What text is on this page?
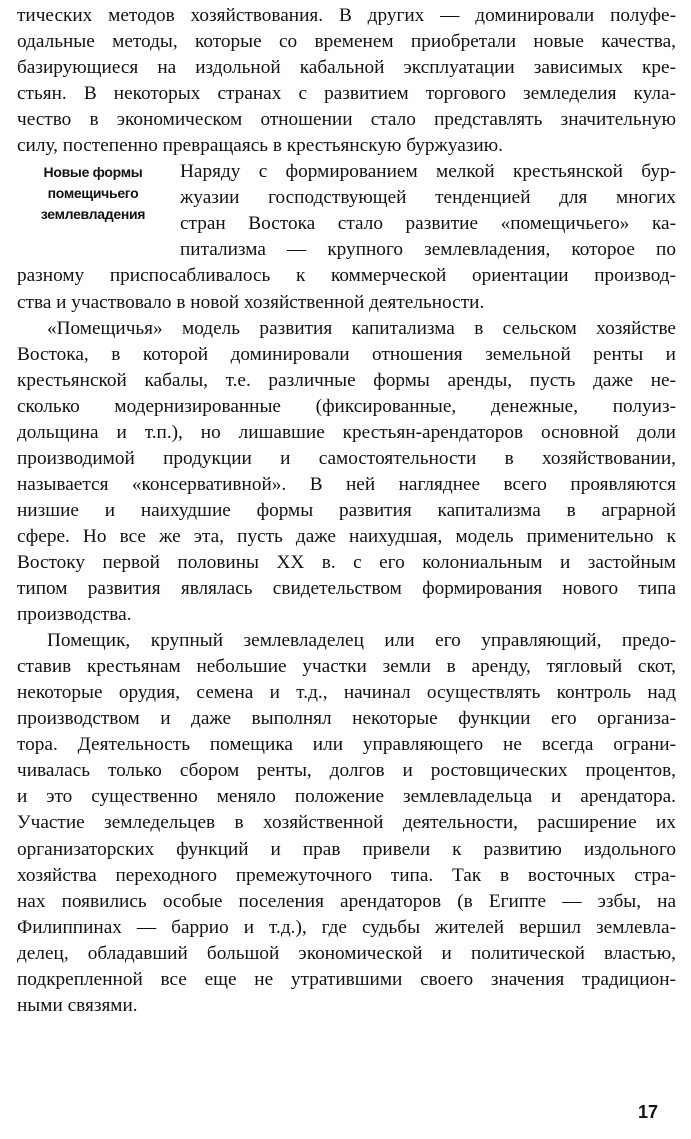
Новые формы
помещичьего
землевладения

тических методов хозяйствования. В других — доминировали полуфе-

одальные методы, которые со временем приобретали новые качества,

базирующиеся на издольной кабальной эксплуатации зависимых кре-

стьян. В некоторых странах с развитием торгового земледелия кула-

чество в экономическом отношении стало представлять значительную

силу, постепенно превращаясь в крестьянскую буржуазию.

Наряду с формированием мелкой крестьянской бур-

жуазии господствующей тенденцией для многих

стран Востока стало развитие «помещичьего» ка-

питализма — крупного землевладения, которое по

разному приспосабливалось к коммерческой ориентации производ-

ства и участвовало в новой хозяйственной деятельности.

«Помещичья» модель развития капитализма в сельском хозяйстве

Востока, в которой доминировали отношения земельной ренты и

крестьянской кабалы, т.е. различные формы аренды, пусть даже не-

сколько модернизированные (фиксированные, денежные, полуиз-

дольщина и т.п.), но лишавшие крестьян-арендаторов основной доли

производимой продукции и самостоятельности в хозяйствовании,

называется «консервативной». В ней нагляднее всего проявляются

низшие и наихудшие формы развития капитализма в аграрной

сфере. Но все же эта, пусть даже наихудшая, модель применительно к

Востоку первой половины XX в. с его колониальным и застойным

типом развития являлась свидетельством формирования нового типа

производства.

Помещик, крупный землевладелец или его управляющий, предо-

ставив крестьянам небольшие участки земли в аренду, тягловый скот,

некоторые орудия, семена и т.д., начинал осуществлять контроль над

производством и даже выполнял некоторые функции его организа-

тора. Деятельность помещика или управляющего не всегда ограни-

чивалась только сбором ренты, долгов и ростовщических процентов,

и это существенно меняло положение землевладельца и арендатора.

Участие земледельцев в хозяйственной деятельности, расширение их

организаторских функций и прав привели к развитию издольного

хозяйства переходного премежуточного типа. Так в восточных стра-

нах появились особые поселения арендаторов (в Египте — эзбы, на

Филиппинах — баррио и т.д.), где судьбы жителей вершил землевла-

делец, обладавший большой экономической и политической властью,

подкрепленной все еще не утратившими своего значения традицион-

ными связями.

17
